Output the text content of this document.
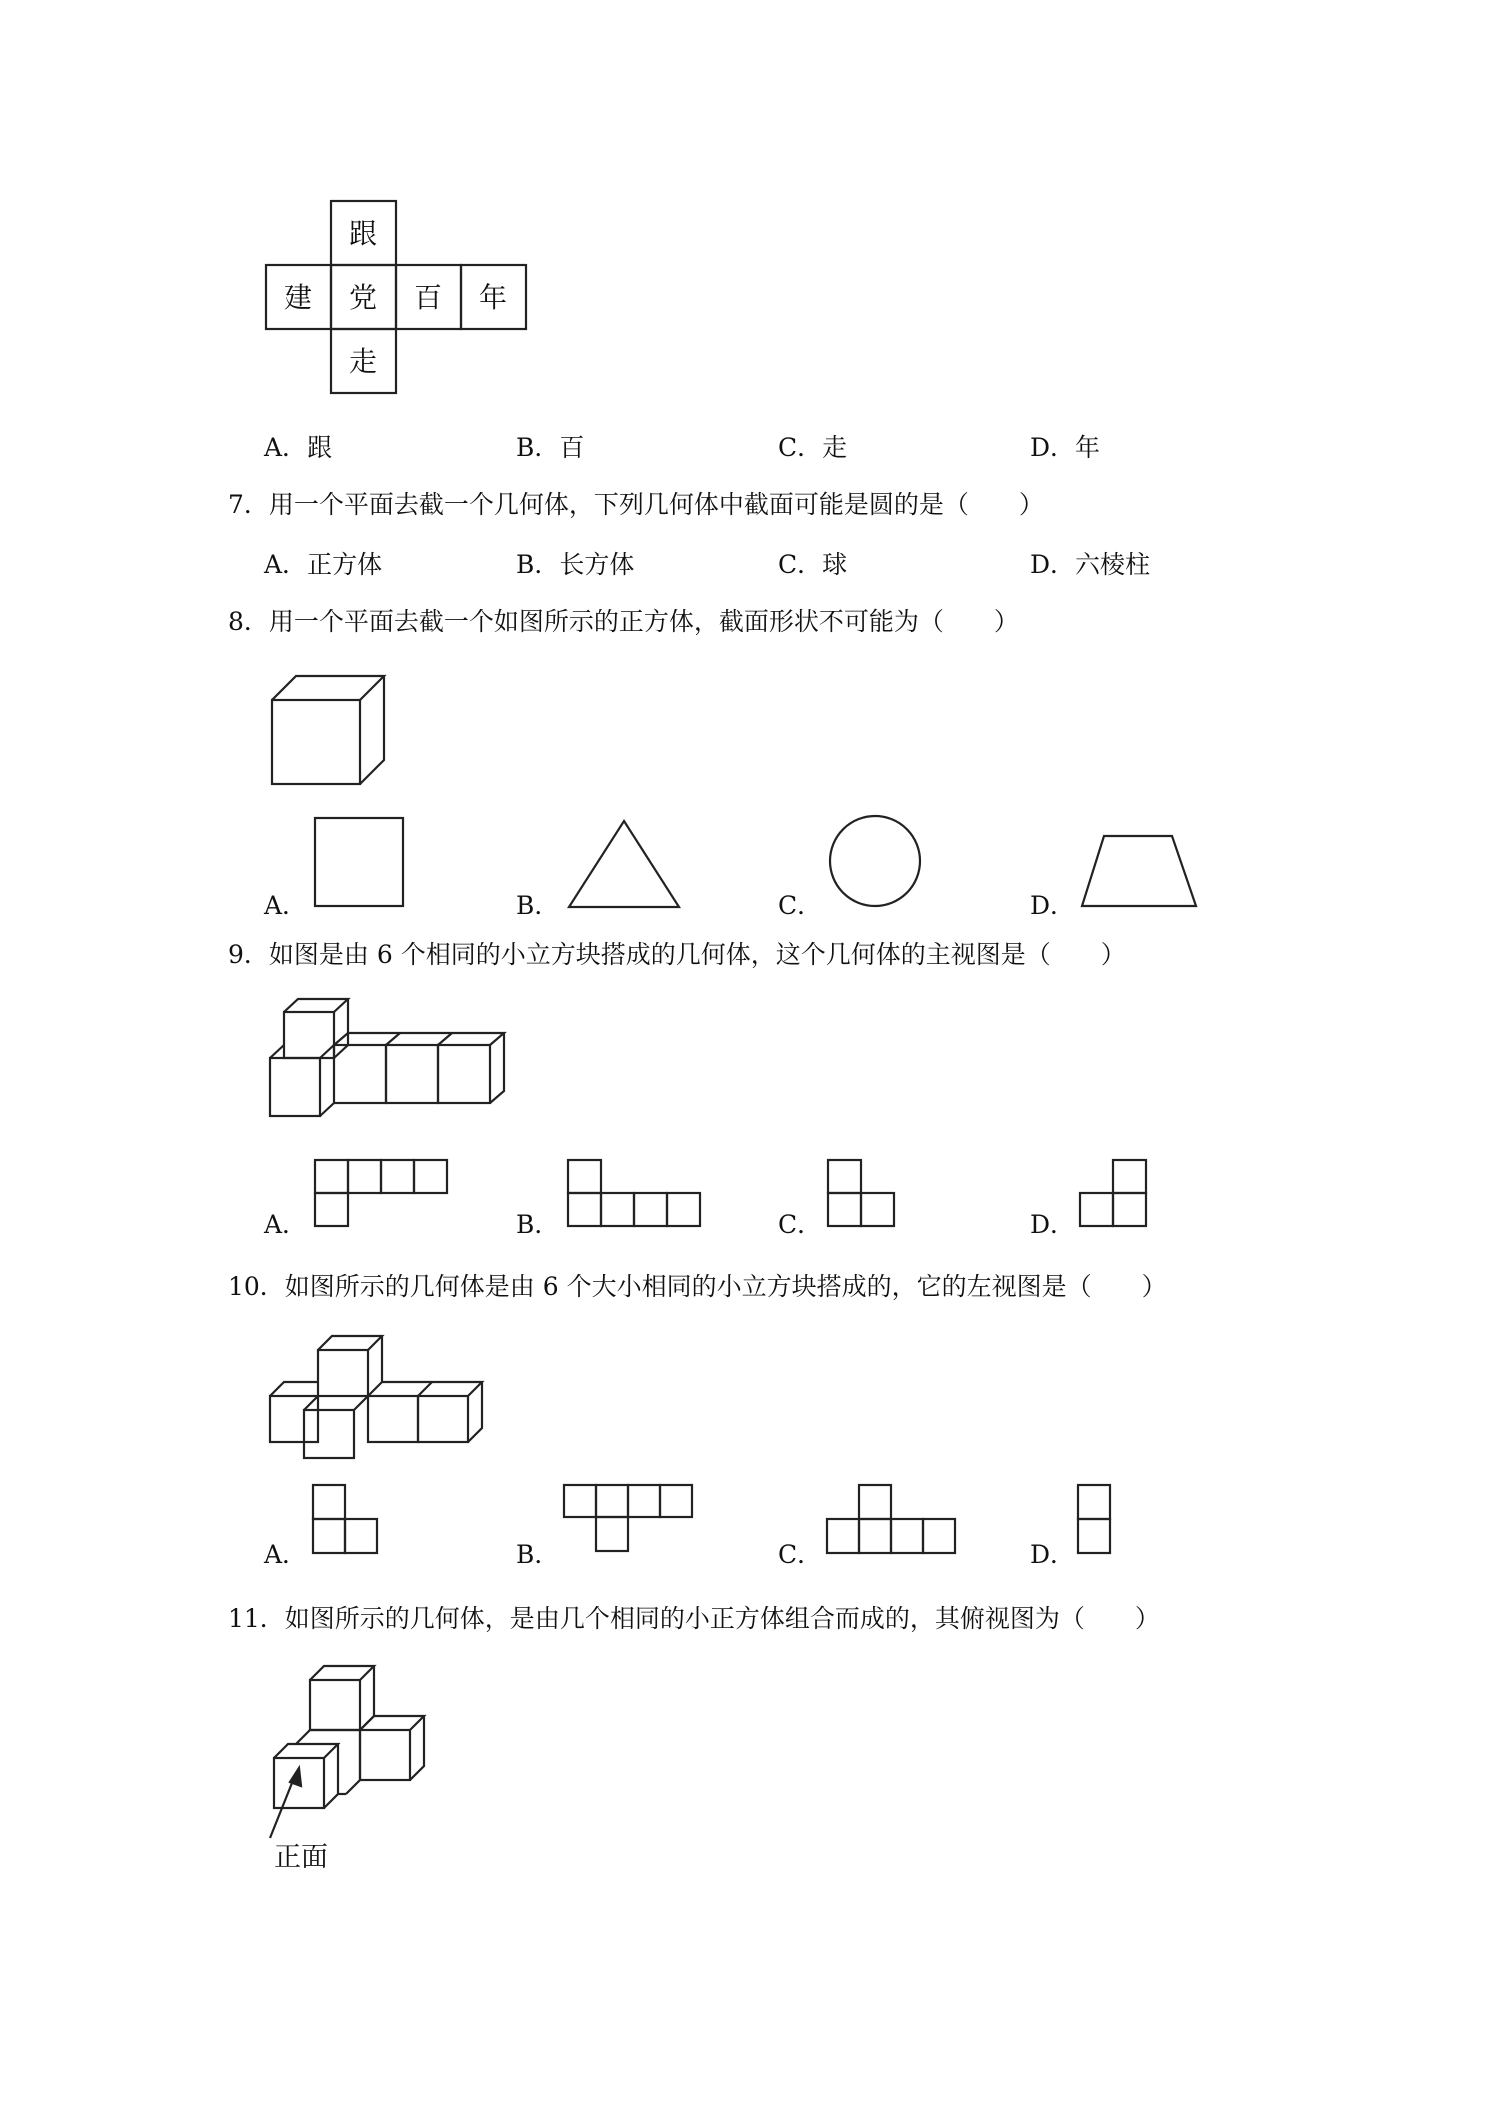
跟
建 党 百 年
走
A．跟	B．百	C．走	D．年
7．用一个平面去截一个几何体，下列几何体中截面可能是圆的是（　　）
A．正方体	B．长方体	C．球	D．六棱柱
8．用一个平面去截一个如图所示的正方体，截面形状不可能为（　　）
A．	B．	C．	D．
9．如图是由 6 个相同的小立方块搭成的几何体，这个几何体的主视图是（　　）
A．	B．	C．	D．
10．如图所示的几何体是由 6 个大小相同的小立方块搭成的，它的左视图是（　　）
A．	B．	C．	D．
11．如图所示的几何体，是由几个相同的小正方体组合而成的，其俯视图为（　　）
正面
